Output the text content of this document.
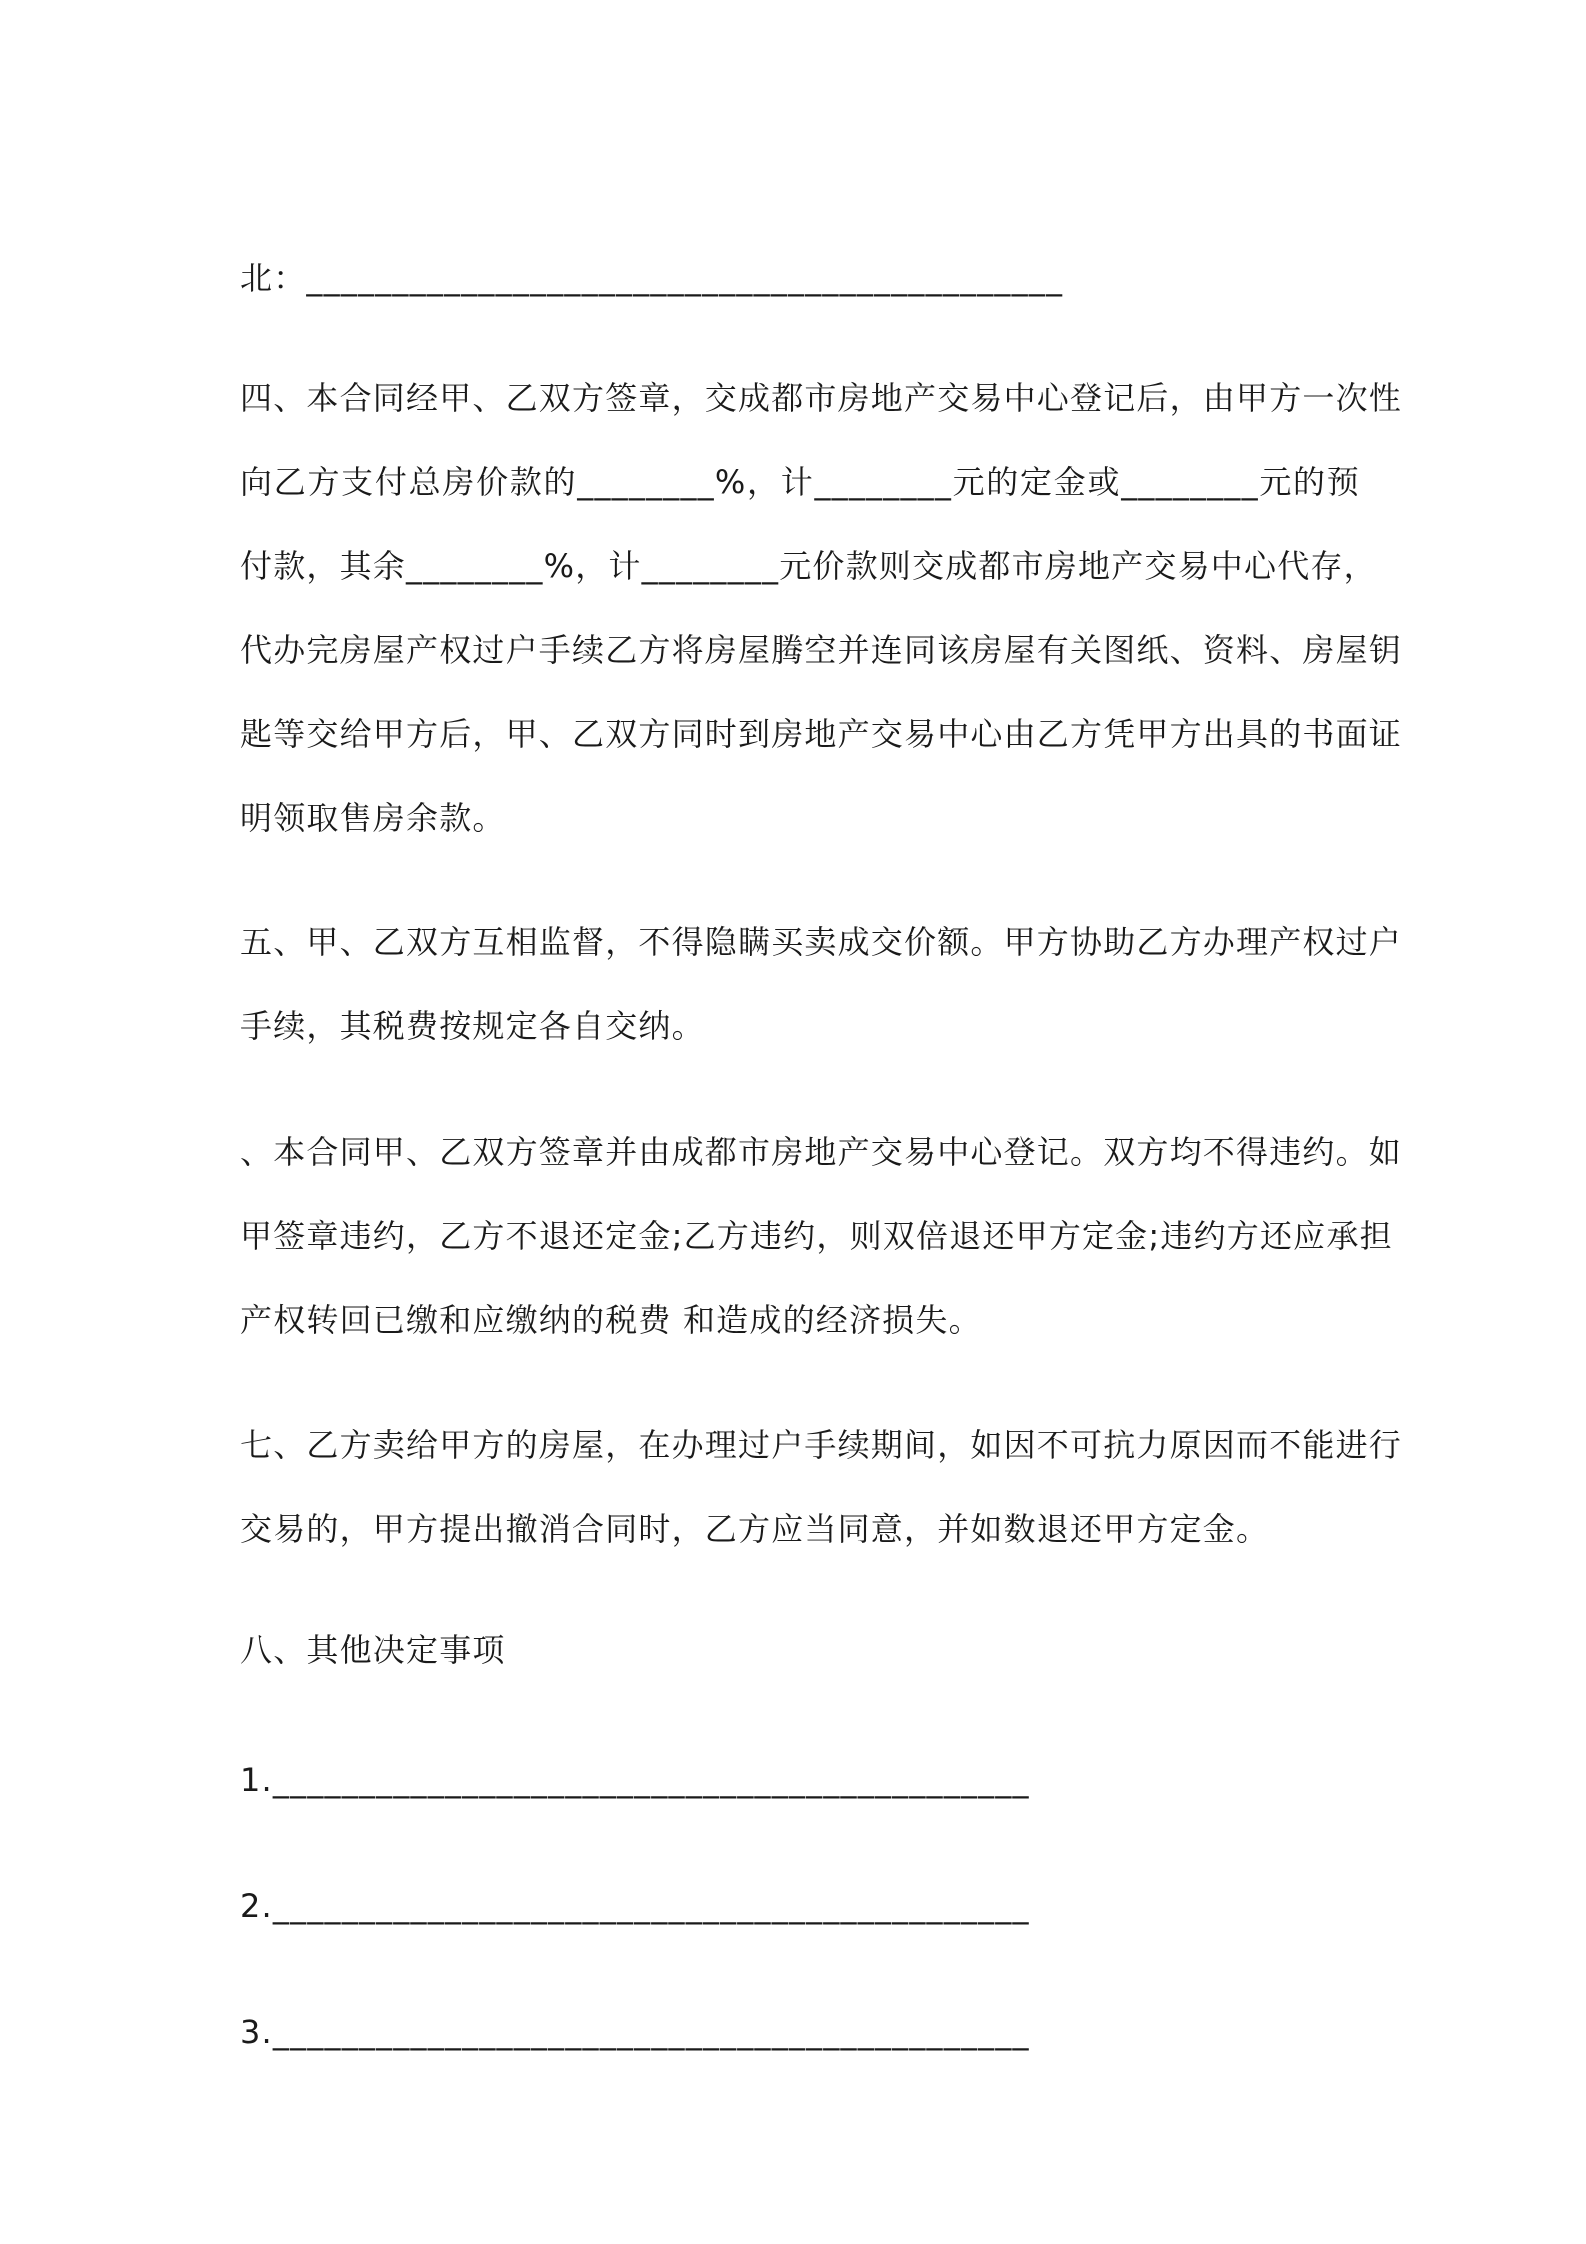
北：____________________________________________
四、本合同经甲、乙双方签章，交成都市房地产交易中心登记后，由甲方一次性
向乙方支付总房价款的________%，计________元的定金或________元的预
付款，其余________%，计________元价款则交成都市房地产交易中心代存，
代办完房屋产权过户手续乙方将房屋腾空并连同该房屋有关图纸、资料、房屋钥
匙等交给甲方后，甲、乙双方同时到房地产交易中心由乙方凭甲方出具的书面证
明领取售房余款。
五、甲、乙双方互相监督，不得隐瞒买卖成交价额。甲方协助乙方办理产权过户
手续，其税费按规定各自交纳。
、本合同甲、乙双方签章并由成都市房地产交易中心登记。双方均不得违约。如
甲签章违约，乙方不退还定金;乙方违约，则双倍退还甲方定金;违约方还应承担
产权转回已缴和应缴纳的税费 和造成的经济损失。
七、乙方卖给甲方的房屋，在办理过户手续期间，如因不可抗力原因而不能进行
交易的，甲方提出撤消合同时，乙方应当同意，并如数退还甲方定金。
八、其他决定事项
1.____________________________________________
2.____________________________________________
3.____________________________________________
